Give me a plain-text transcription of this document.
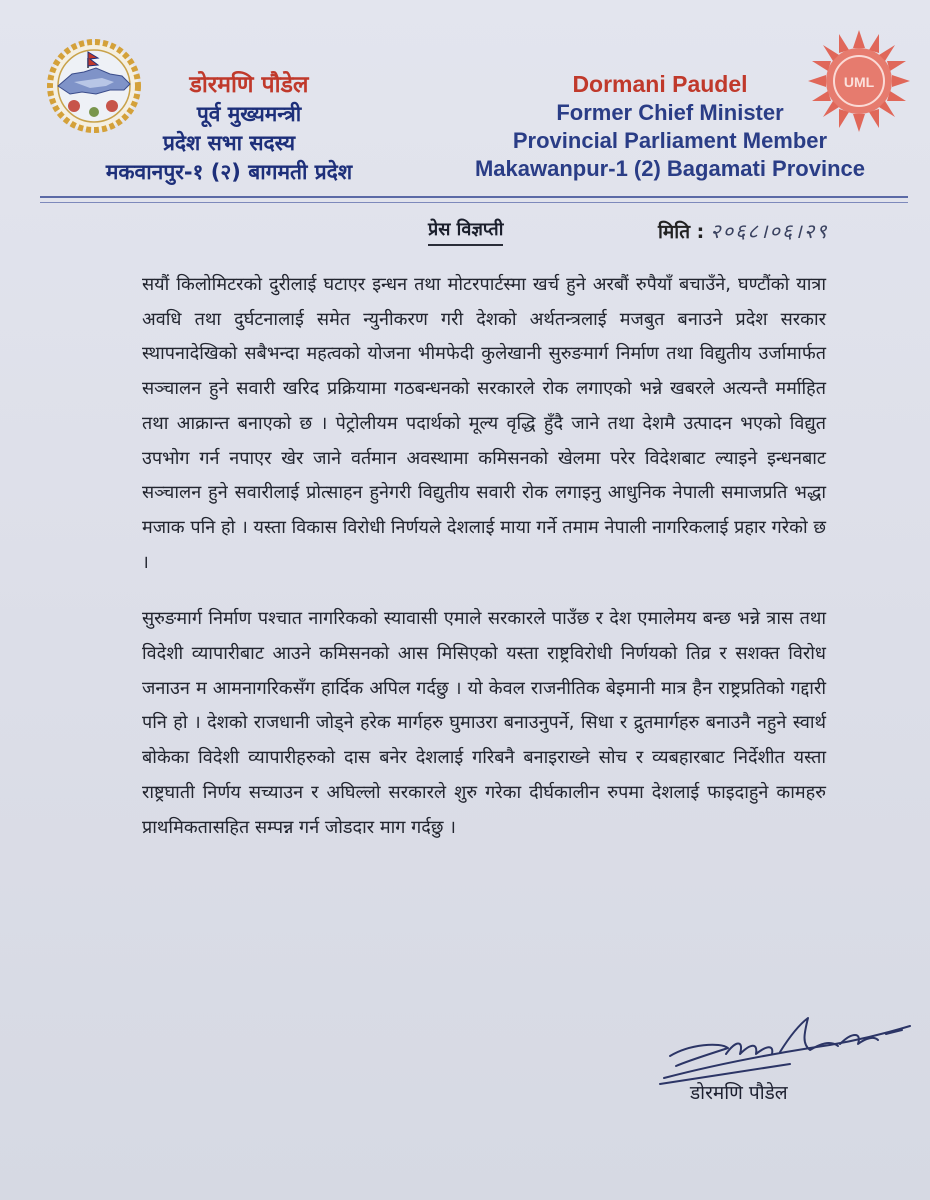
डोरमणि पौडेल
पूर्व मुख्यमन्त्री
प्रदेश सभा सदस्य
मकवानपुर-१ (२) बागमती प्रदेश
Dormani Paudel
Former Chief Minister
Provincial Parliament Member
Makawanpur-1 (2) Bagamati Province
UML
प्रेस विज्ञप्ती	मिति : २०६८।०६।२९

सयौं किलोमिटरको दुरीलाई घटाएर इन्धन तथा मोटरपार्टस्मा खर्च हुने अरबौं रुपैयाँ बचाउँने, घण्टौंको यात्रा अवधि तथा दुर्घटनालाई समेत न्युनीकरण गरी देशको अर्थतन्त्रलाई मजबुत बनाउने प्रदेश सरकार स्थापनादेखिको सबैभन्दा महत्वको योजना भीमफेदी कुलेखानी सुरुङमार्ग निर्माण तथा विद्युतीय उर्जामार्फत सञ्चालन हुने सवारी खरिद प्रक्रियामा गठबन्धनको सरकारले रोक लगाएको भन्ने खबरले अत्यन्तै मर्माहित तथा आक्रान्त बनाएको छ । पेट्रोलीयम पदार्थको मूल्य वृद्धि हुँदै जाने तथा देशमै उत्पादन भएको विद्युत उपभोग गर्न नपाएर खेर जाने वर्तमान अवस्थामा कमिसनको खेलमा परेर विदेशबाट ल्याइने इन्धनबाट सञ्चालन हुने सवारीलाई प्रोत्साहन हुनेगरी विद्युतीय सवारी रोक लगाइनु आधुनिक नेपाली समाजप्रति भद्धा मजाक पनि हो । यस्ता विकास विरोधी निर्णयले देशलाई माया गर्ने तमाम नेपाली नागरिकलाई प्रहार गरेको छ ।

सुरुङमार्ग निर्माण पश्चात नागरिकको स्यावासी एमाले सरकारले पाउँछ र देश एमालेमय बन्छ भन्ने त्रास तथा विदेशी व्यापारीबाट आउने कमिसनको आस मिसिएको यस्ता राष्ट्रविरोधी निर्णयको तिव्र र सशक्त विरोध जनाउन म आमनागरिकसँग हार्दिक अपिल गर्दछु । यो केवल राजनीतिक बेइमानी मात्र हैन राष्ट्रप्रतिको गद्दारी पनि हो । देशको राजधानी जोड्ने हरेक मार्गहरु घुमाउरा बनाउनुपर्ने, सिधा र द्रुतमार्गहरु बनाउनै नहुने स्वार्थ बोकेका विदेशी व्यापारीहरुको दास बनेर देशलाई गरिबनै बनाइराख्ने सोच र व्यबहारबाट निर्देशीत यस्ता राष्ट्रघाती निर्णय सच्याउन र अघिल्लो सरकारले शुरु गरेका दीर्घकालीन रुपमा देशलाई फाइदाहुने कामहरु प्राथमिकतासहित सम्पन्न गर्न जोडदार माग गर्दछु ।

डोरमणि पौडेल
